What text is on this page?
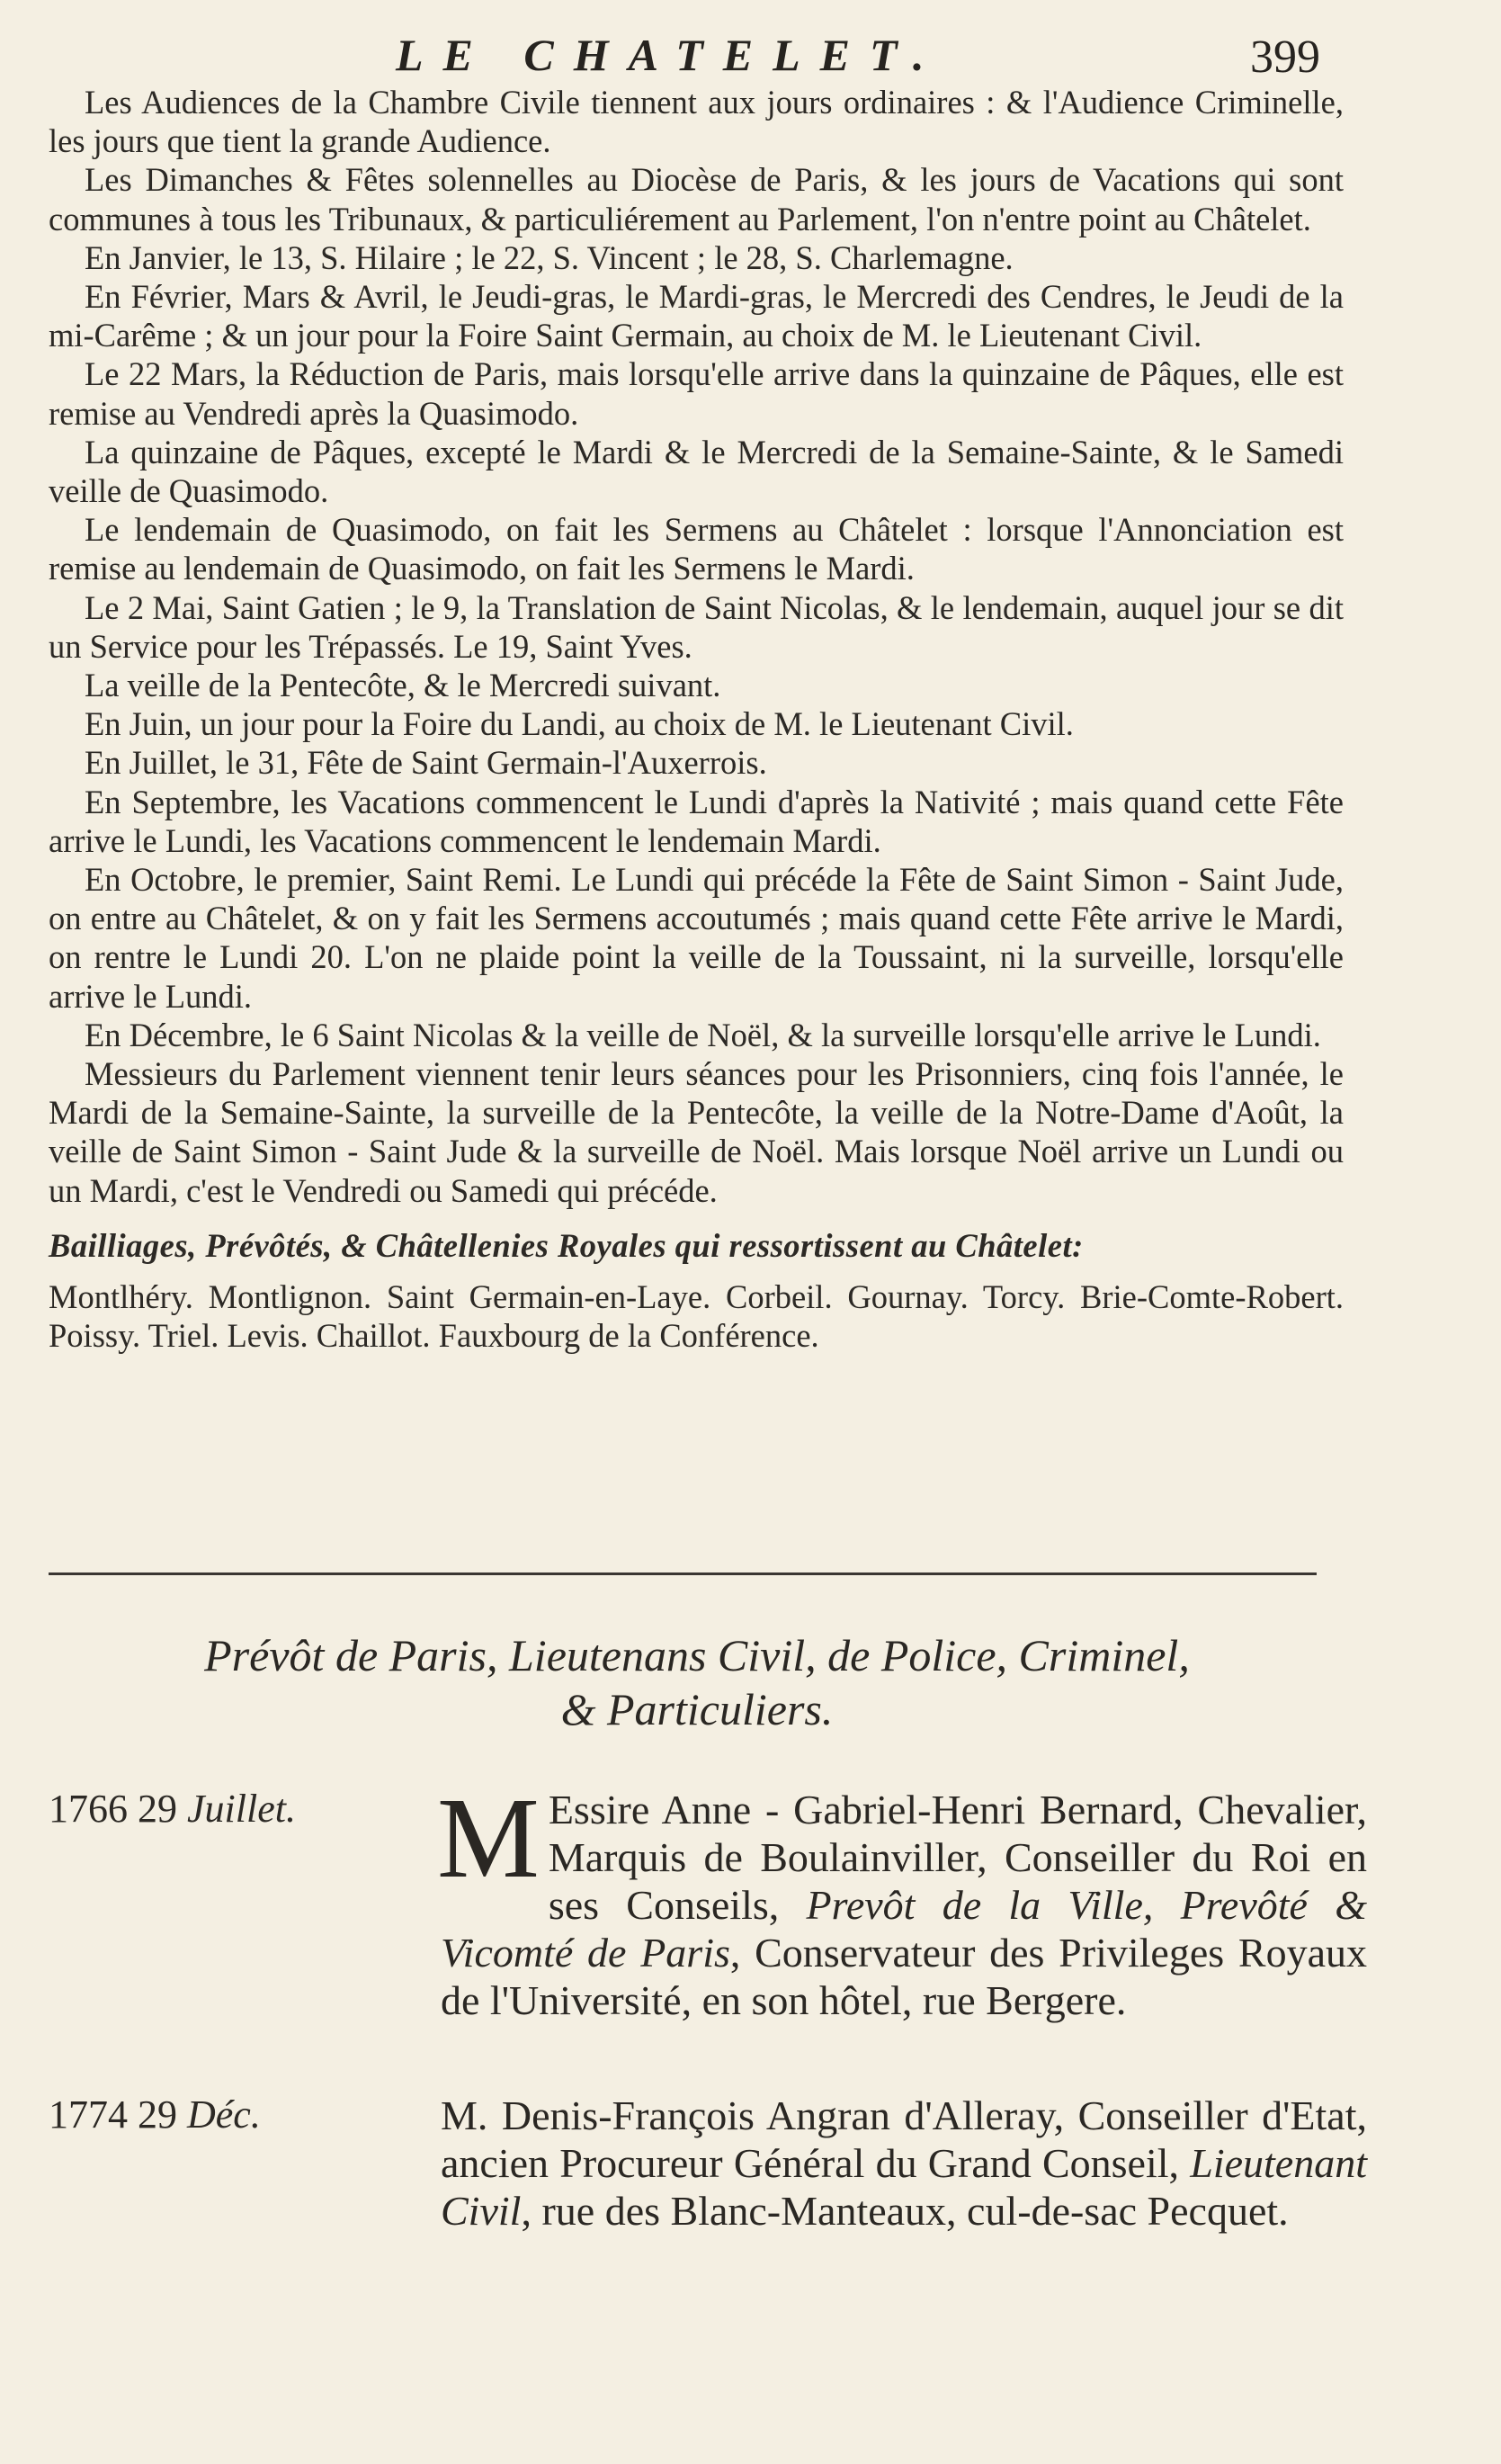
LE CHATELET.	399

Les Audiences de la Chambre Civile tiennent aux jours ordinaires : & l'Audience Criminelle, les jours que tient la grande Audience.

Les Dimanches & Fêtes solennelles au Diocèse de Paris, & les jours de Vacations qui sont communes à tous les Tribunaux, & particuliérement au Parlement, l'on n'entre point au Châtelet.

En Janvier, le 13, S. Hilaire ; le 22, S. Vincent ; le 28, S. Charlemagne.

En Février, Mars & Avril, le Jeudi-gras, le Mardi-gras, le Mercredi des Cendres, le Jeudi de la mi-Carême ; & un jour pour la Foire Saint Germain, au choix de M. le Lieutenant Civil.

Le 22 Mars, la Réduction de Paris, mais lorsqu'elle arrive dans la quinzaine de Pâques, elle est remise au Vendredi après la Quasimodo.

La quinzaine de Pâques, excepté le Mardi & le Mercredi de la Semaine-Sainte, & le Samedi veille de Quasimodo.

Le lendemain de Quasimodo, on fait les Sermens au Châtelet : lorsque l'Annonciation est remise au lendemain de Quasimodo, on fait les Sermens le Mardi.

Le 2 Mai, Saint Gatien ; le 9, la Translation de Saint Nicolas, & le lendemain, auquel jour se dit un Service pour les Trépassés. Le 19, Saint Yves.

La veille de la Pentecôte, & le Mercredi suivant.

En Juin, un jour pour la Foire du Landi, au choix de M. le Lieutenant Civil.

En Juillet, le 31, Fête de Saint Germain-l'Auxerrois.

En Septembre, les Vacations commencent le Lundi d'après la Nativité ; mais quand cette Fête arrive le Lundi, les Vacations commencent le lendemain Mardi.

En Octobre, le premier, Saint Remi. Le Lundi qui précéde la Fête de Saint Simon - Saint Jude, on entre au Châtelet, & on y fait les Sermens accoutumés ; mais quand cette Fête arrive le Mardi, on rentre le Lundi 20. L'on ne plaide point la veille de la Toussaint, ni la surveille, lorsqu'elle arrive le Lundi.

En Décembre, le 6 Saint Nicolas & la veille de Noël, & la surveille lorsqu'elle arrive le Lundi.

Messieurs du Parlement viennent tenir leurs séances pour les Prisonniers, cinq fois l'année, le Mardi de la Semaine-Sainte, la surveille de la Pentecôte, la veille de la Notre-Dame d'Août, la veille de Saint Simon - Saint Jude & la surveille de Noël. Mais lorsque Noël arrive un Lundi ou un Mardi, c'est le Vendredi ou Samedi qui précéde.

Bailliages, Prévôtés, & Châtellenies Royales qui ressortissent au Châtelet:

Montlhéry. Montlignon. Saint Germain-en-Laye. Corbeil. Gournay. Torcy. Brie-Comte-Robert. Poissy. Triel. Levis. Chaillot. Fauxbourg de la Conférence.

Prévôt de Paris, Lieutenans Civil, de Police, Criminel,
& Particuliers.
1766 29 Juillet.	M Essire Anne - Gabriel-Henri Bernard, Chevalier, Marquis de Boulainviller, Conseiller du Roi en ses Conseils, Prevôt de la Ville, Prevôté & Vicomté de Paris, Conservateur des Privileges Royaux de l'Université, en son hôtel, rue Bergere.
1774 29 Déc.	M. Denis-François Angran d'Alleray, Conseiller d'Etat, ancien Procureur Général du Grand Conseil, Lieutenant Civil, rue des Blanc-Manteaux, cul-de-sac Pecquet.
